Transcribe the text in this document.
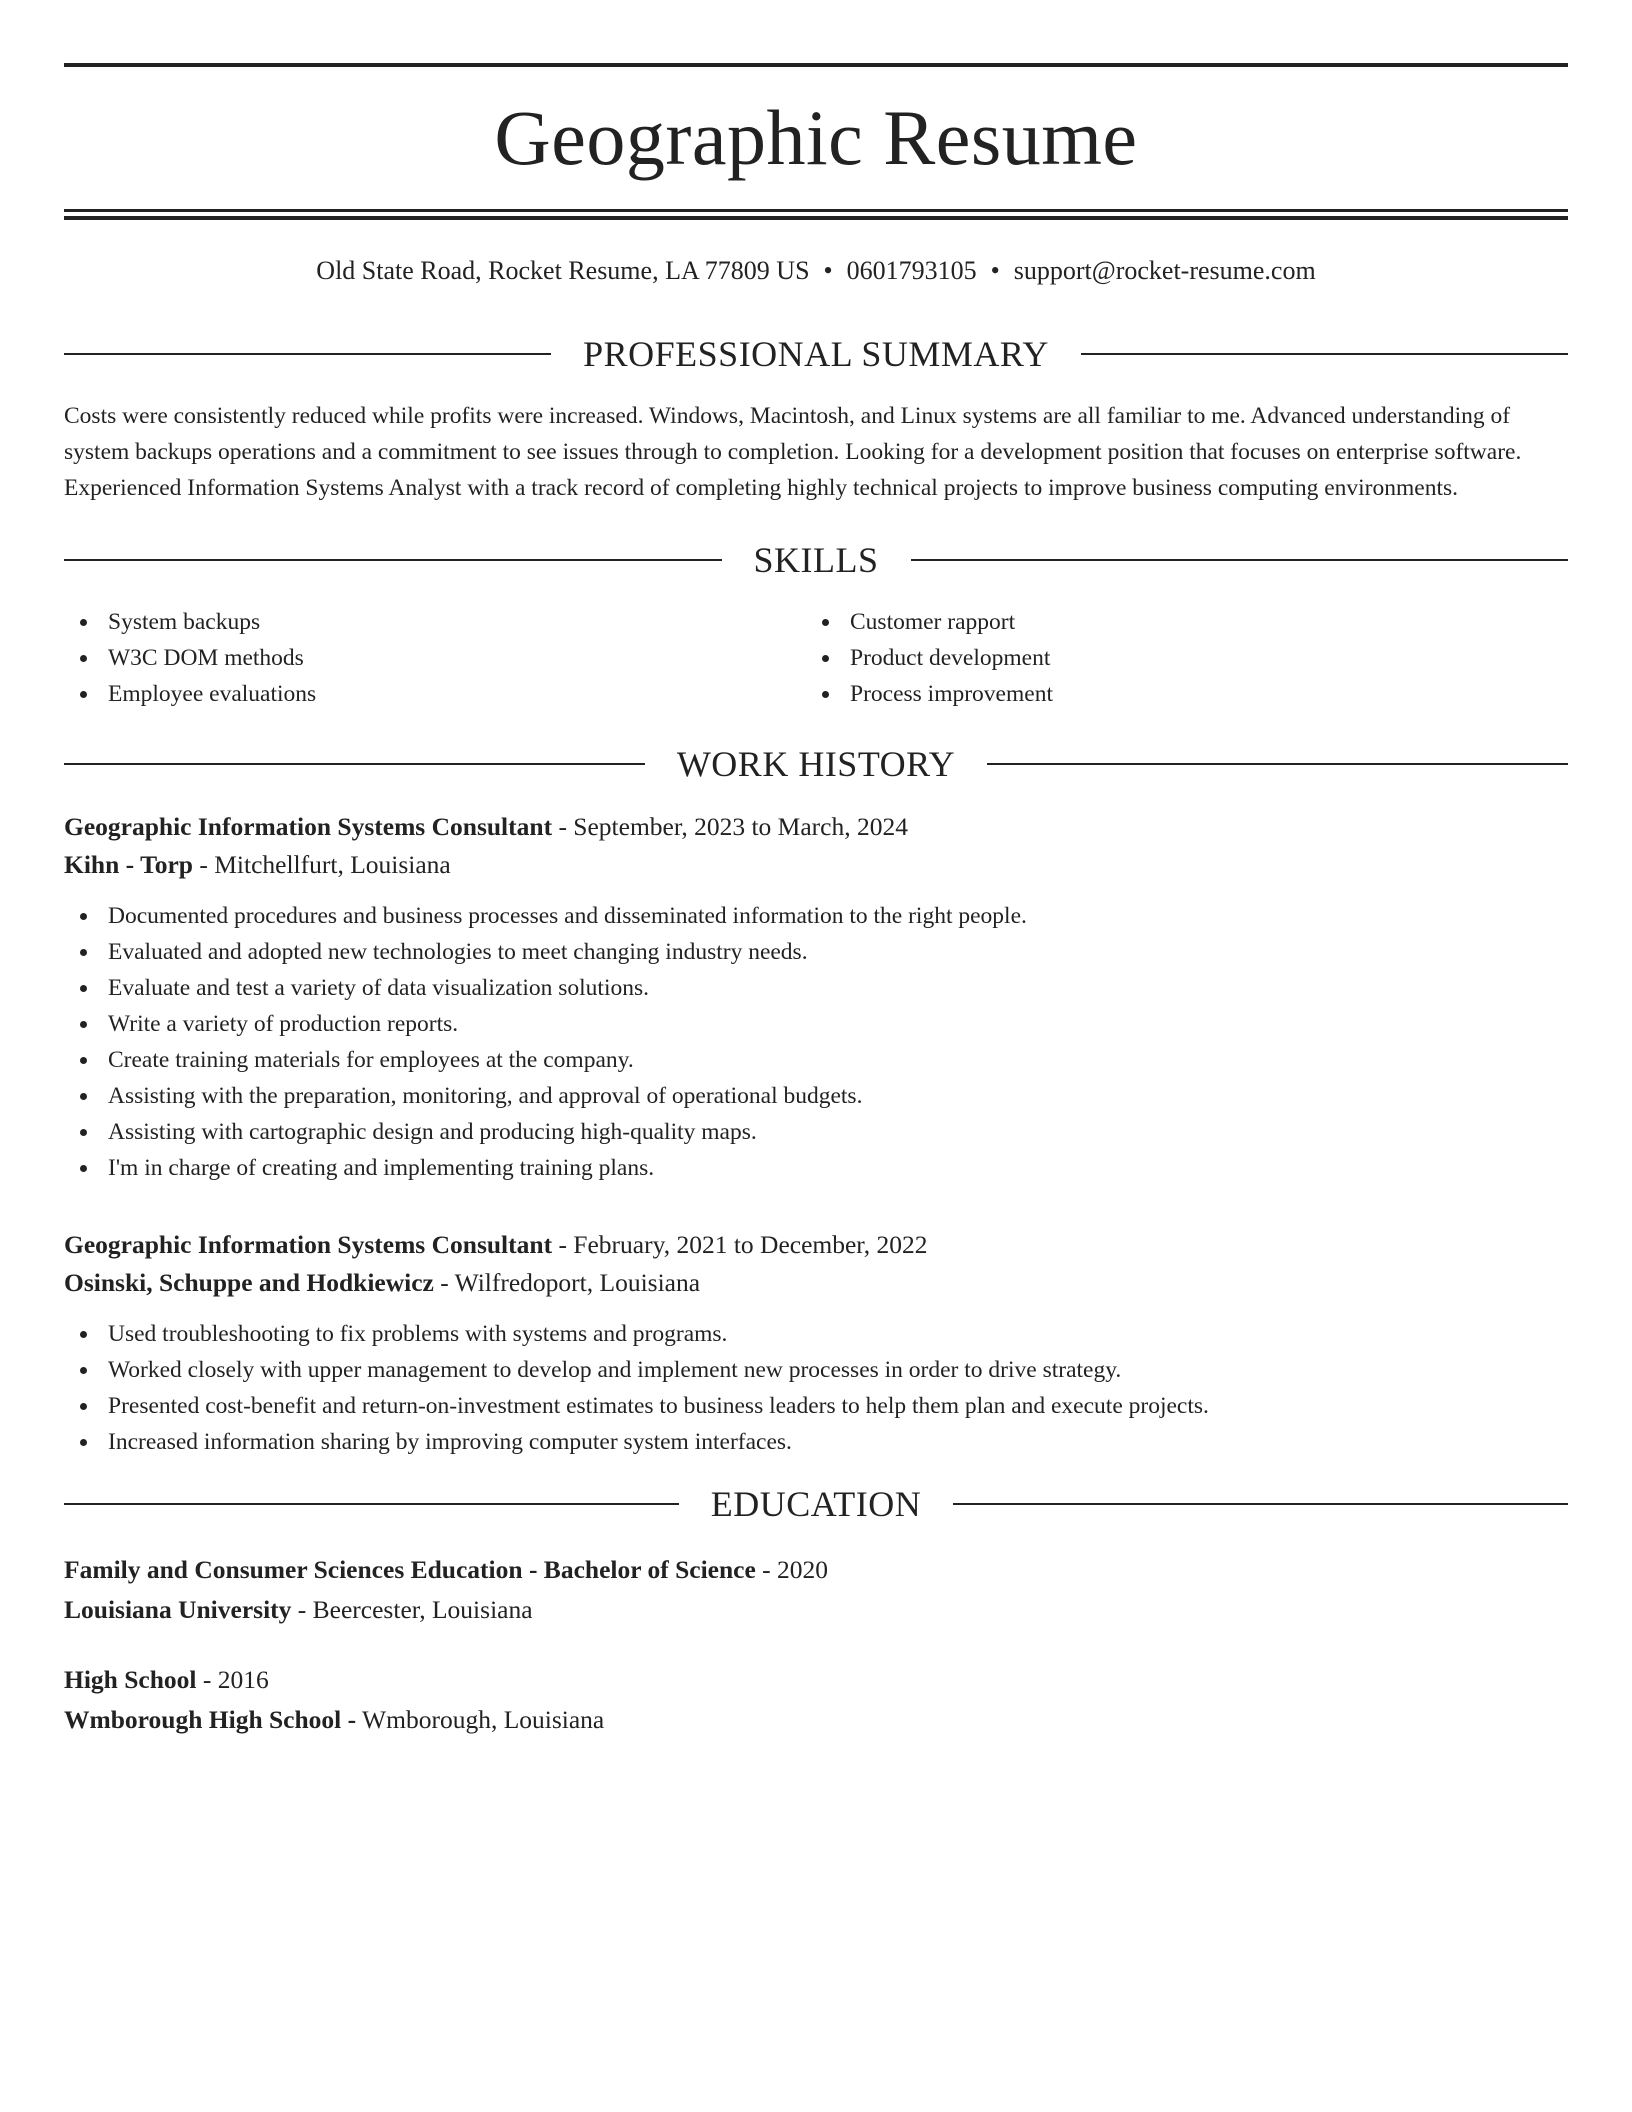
Geographic Resume
Old State Road, Rocket Resume, LA 77809 US • 0601793105 • support@rocket-resume.com
PROFESSIONAL SUMMARY
Costs were consistently reduced while profits were increased. Windows, Macintosh, and Linux systems are all familiar to me. Advanced understanding of system backups operations and a commitment to see issues through to completion. Looking for a development position that focuses on enterprise software. Experienced Information Systems Analyst with a track record of completing highly technical projects to improve business computing environments.
SKILLS
System backups
W3C DOM methods
Employee evaluations
Customer rapport
Product development
Process improvement
WORK HISTORY
Geographic Information Systems Consultant - September, 2023 to March, 2024
Kihn - Torp - Mitchellfurt, Louisiana
Documented procedures and business processes and disseminated information to the right people.
Evaluated and adopted new technologies to meet changing industry needs.
Evaluate and test a variety of data visualization solutions.
Write a variety of production reports.
Create training materials for employees at the company.
Assisting with the preparation, monitoring, and approval of operational budgets.
Assisting with cartographic design and producing high-quality maps.
I'm in charge of creating and implementing training plans.
Geographic Information Systems Consultant - February, 2021 to December, 2022
Osinski, Schuppe and Hodkiewicz - Wilfredoport, Louisiana
Used troubleshooting to fix problems with systems and programs.
Worked closely with upper management to develop and implement new processes in order to drive strategy.
Presented cost-benefit and return-on-investment estimates to business leaders to help them plan and execute projects.
Increased information sharing by improving computer system interfaces.
EDUCATION
Family and Consumer Sciences Education - Bachelor of Science - 2020
Louisiana University - Beercester, Louisiana
High School - 2016
Wmborough High School - Wmborough, Louisiana
